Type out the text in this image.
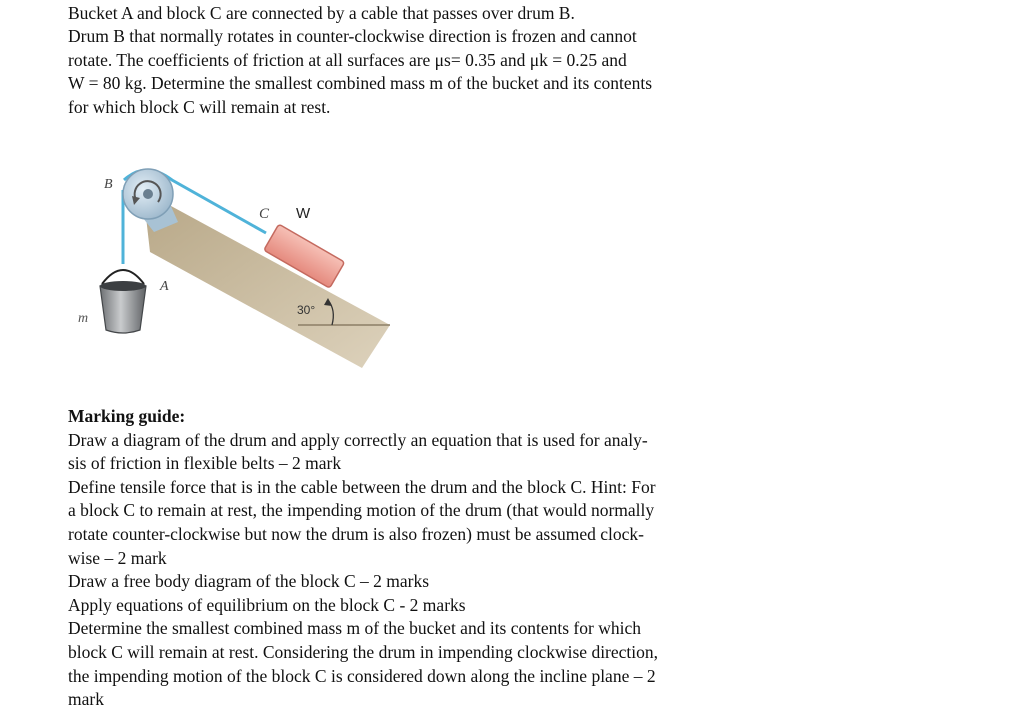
Bucket A and block C are connected by a cable that passes over drum B.
Drum B that normally rotates in counter-clockwise direction is frozen and cannot
rotate. The coefficients of friction at all surfaces are μs= 0.35 and μk = 0.25 and
W = 80 kg. Determine the smallest combined mass m of the bucket and its contents
for which block C will remain at rest.
B
A
C W
m
30°
Marking guide:
Draw a diagram of the drum and apply correctly an equation that is used for analy-
sis of friction in flexible belts – 2 mark
Define tensile force that is in the cable between the drum and the block C. Hint: For
a block C to remain at rest, the impending motion of the drum (that would normally
rotate counter-clockwise but now the drum is also frozen) must be assumed clock-
wise – 2 mark
Draw a free body diagram of the block C – 2 marks
Apply equations of equilibrium on the block C - 2 marks
Determine the smallest combined mass m of the bucket and its contents for which
block C will remain at rest. Considering the drum in impending clockwise direction,
the impending motion of the block C is considered down along the incline plane – 2
mark
